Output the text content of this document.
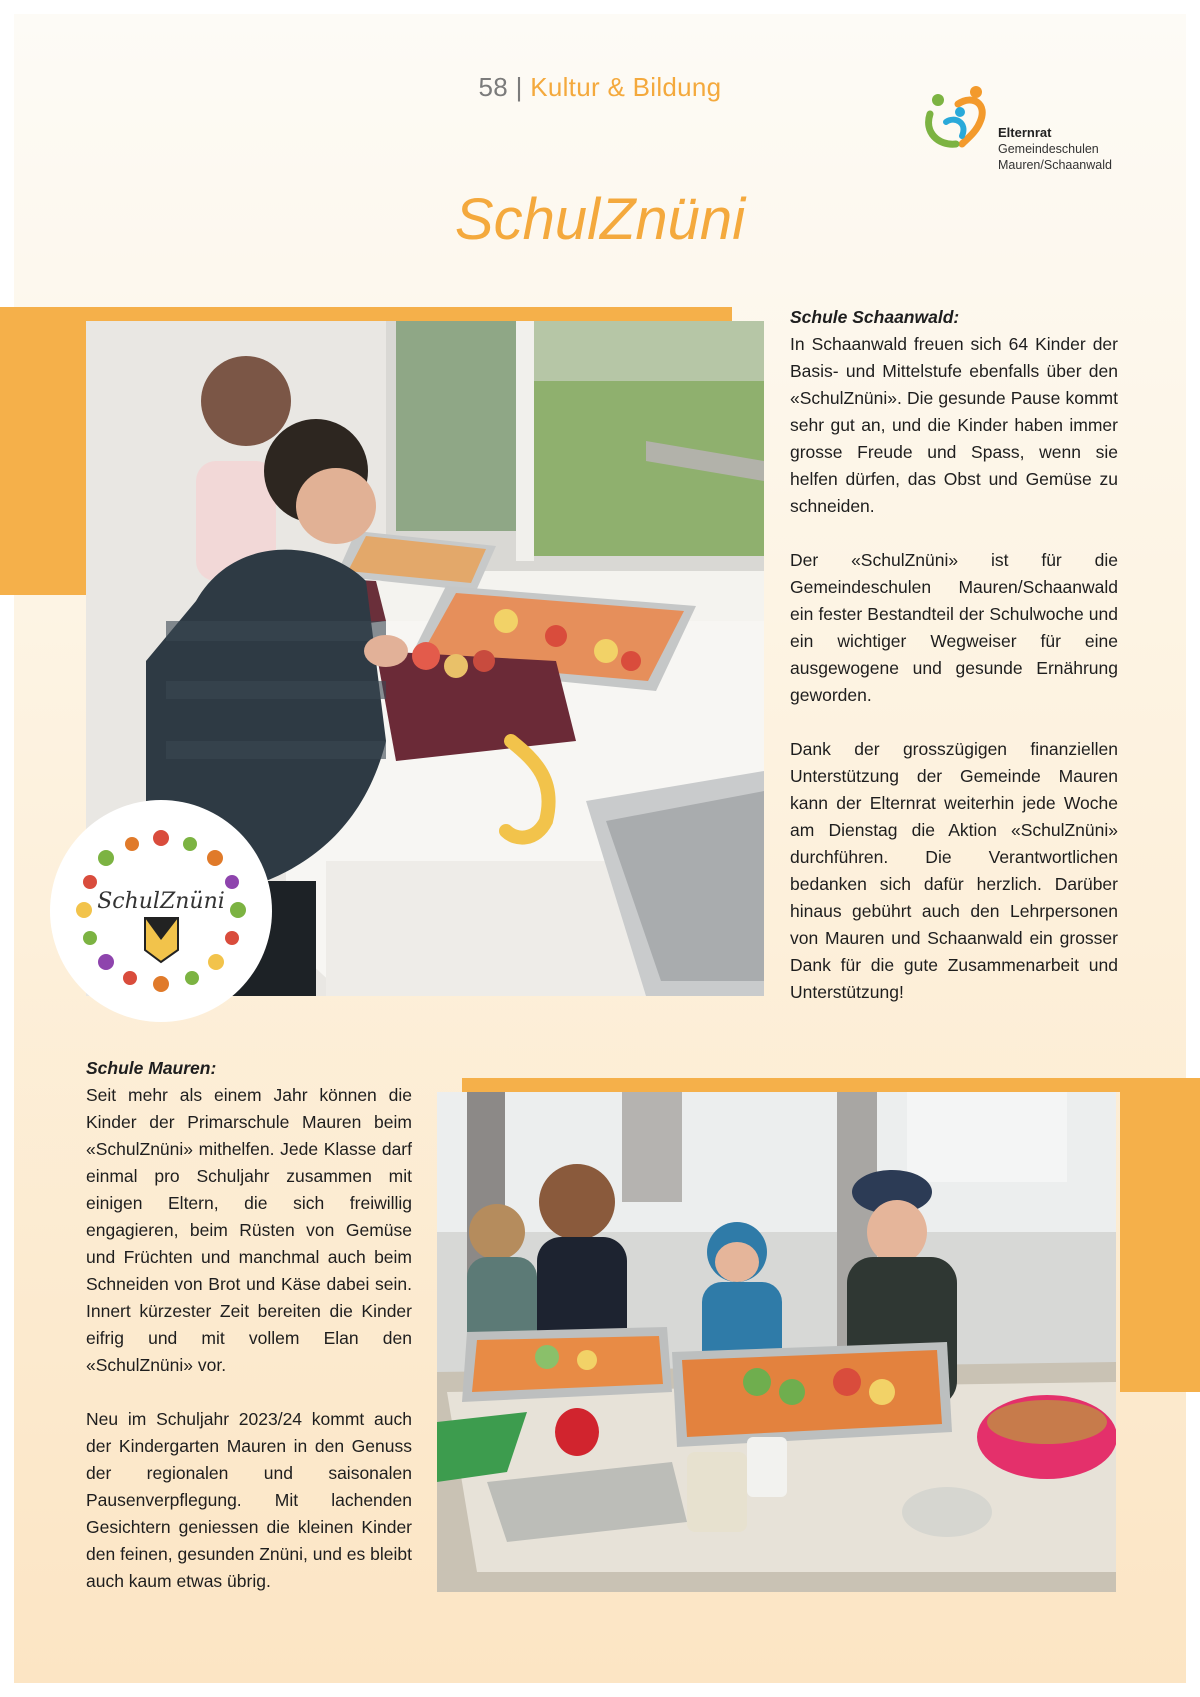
58 | Kultur & Bildung
Elternrat
Gemeindeschulen
Mauren/Schaanwald
SchulZnüni
SchulZnüni

Schule Schaanwald:

In Schaanwald freuen sich 64 Kinder der Basis- und Mittelstufe ebenfalls über den «SchulZnüni». Die gesunde Pause kommt sehr gut an, und die Kinder haben immer grosse Freude und Spass, wenn sie helfen dürfen, das Obst und Gemüse zu schneiden.

Der «SchulZnüni» ist für die Gemeindeschulen Mauren/Schaanwald ein fester Bestandteil der Schulwoche und ein wichtiger Wegweiser für eine ausgewogene und gesunde Ernährung geworden.

Dank der grosszügigen finanziellen Unterstützung der Gemeinde Mauren kann der Elternrat weiterhin jede Woche am Dienstag die Aktion «SchulZnüni» durchführen. Die Verantwortlichen bedanken sich dafür herzlich. Darüber hinaus gebührt auch den Lehrpersonen von Mauren und Schaanwald ein grosser Dank für die gute Zusammenarbeit und Unterstützung!

Schule Mauren:

Seit mehr als einem Jahr können die Kinder der Primarschule Mauren beim «SchulZnüni» mithelfen. Jede Klasse darf einmal pro Schuljahr zusammen mit einigen Eltern, die sich freiwillig engagieren, beim Rüsten von Gemüse und Früchten und manchmal auch beim Schneiden von Brot und Käse dabei sein. Innert kürzester Zeit bereiten die Kinder eifrig und mit vollem Elan den «SchulZnüni» vor.

Neu im Schuljahr 2023/24 kommt auch der Kindergarten Mauren in den Genuss der regionalen und saisonalen Pausenverpflegung. Mit lachenden Gesichtern geniessen die kleinen Kinder den feinen, gesunden Znüni, und es bleibt auch kaum etwas übrig.
